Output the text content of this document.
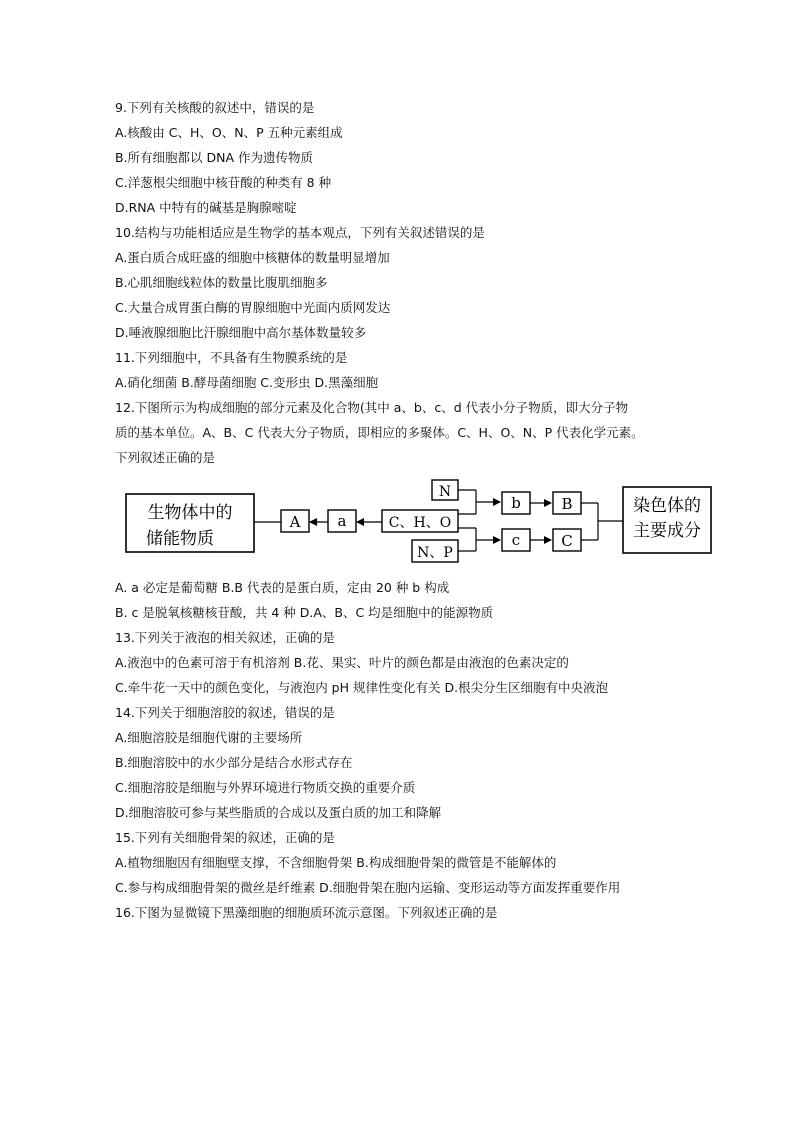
9.下列有关核酸的叙述中，错误的是
A.核酸由 C、H、O、N、P 五种元素组成
B.所有细胞都以 DNA 作为遗传物质
C.洋葱根尖细胞中核苷酸的种类有 8 种
D.RNA 中特有的碱基是胸腺嘧啶
10.结构与功能相适应是生物学的基本观点，下列有关叙述错误的是
A.蛋白质合成旺盛的细胞中核糖体的数量明显增加
B.心肌细胞线粒体的数量比腹肌细胞多
C.大量合成胃蛋白酶的胃腺细胞中光面内质网发达
D.唾液腺细胞比汗腺细胞中高尔基体数量较多
11.下列细胞中，不具备有生物膜系统的是
A.硝化细菌 B.酵母菌细胞 C.变形虫 D.黑藻细胞
12.下图所示为构成细胞的部分元素及化合物(其中 a、b、c、d 代表小分子物质，即大分子物
质的基本单位。A、B、C 代表大分子物质，即相应的多聚体。C、H、O、N、P 代表化学元素。
下列叙述正确的是
生物体中的
储能物质
A a	C、H、O
N
N、P
b
c
B
C
染色体的
主要成分
A. a 必定是葡萄糖 B.B 代表的是蛋白质，定由 20 种 b 构成
B. c 是脱氧核糖核苷酸，共 4 种 D.A、B、C 均是细胞中的能源物质
13.下列关于液泡的相关叙述，正确的是
A.液泡中的色素可溶于有机溶剂 B.花、果实、叶片的颜色都是由液泡的色素决定的
C.牵牛花一天中的颜色变化，与液泡内 pH 规律性变化有关 D.根尖分生区细胞有中央液泡
14.下列关于细胞溶胶的叙述，错误的是
A.细胞溶胶是细胞代谢的主要场所
B.细胞溶胶中的水少部分是结合水形式存在
C.细胞溶胶是细胞与外界环境进行物质交换的重要介质
D.细胞溶胶可参与某些脂质的合成以及蛋白质的加工和降解
15.下列有关细胞骨架的叙述，正确的是
A.植物细胞因有细胞壁支撑，不含细胞骨架 B.构成细胞骨架的微管是不能解体的
C.参与构成细胞骨架的微丝是纤维素 D.细胞骨架在胞内运输、变形运动等方面发挥重要作用
16.下图为显微镜下黑藻细胞的细胞质环流示意图。下列叙述正确的是
